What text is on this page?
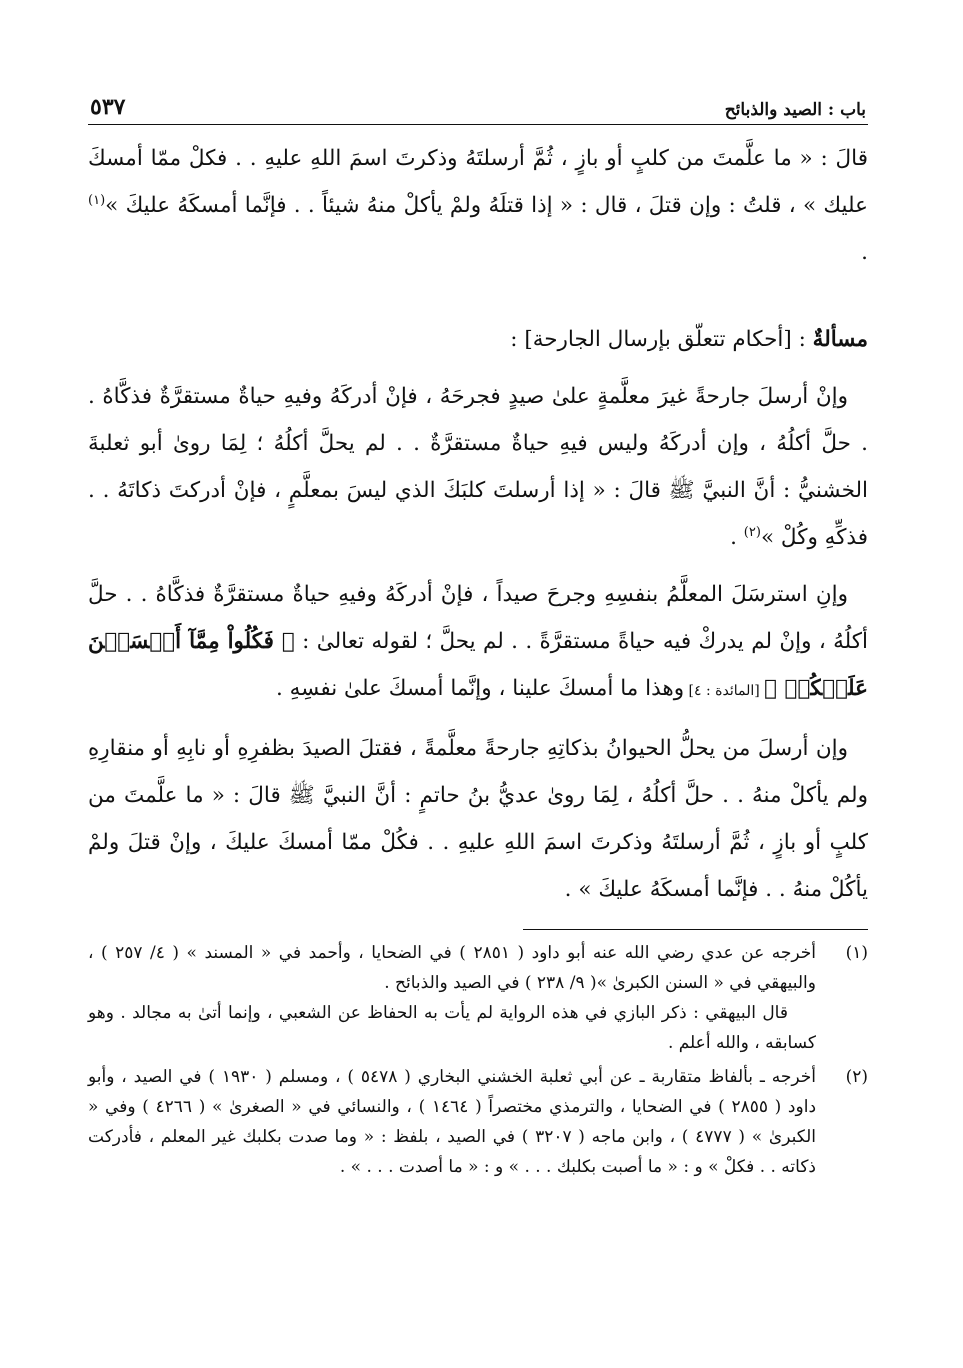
باب : الصيد والذبائح
٥٣٧

قالَ : « ما علَّمتَ من كلبٍ أو بازٍ ، ثُمَّ أرسلتَهُ وذكرتَ اسمَ اللهِ عليهِ . . فكلْ ممّا أمسكَ عليك » ، قلتُ : وإن قتلَ ، قال : « إذا قتلَهُ ولمْ يأكلْ منهُ شيئاً . . فإنَّما أمسكَهُ عليكَ »$^{(١)}$ .

مسألةٌ : [أحكام تتعلّق بإرسال الجارحة] :

وإنْ أرسلَ جارحةً غيرَ معلَّمةٍ علىٰ صيدٍ فجرحَهُ ، فإنْ أدركَهُ وفيهِ حياةٌ مستقرَّةٌ فذكَّاهُ . . حلَّ أكلُهُ ، وإن أدركَهُ وليس فيهِ حياةٌ مستقرَّةٌ . . لم يحلَّ أكلُهُ ؛ لِمَا روىٰ أبو ثعلبةَ الخشنيُّ : أنَّ النبيَّ ﷺ قالَ : « إذا أرسلتَ كلبَكَ الذي ليسَ بمعلَّمٍ ، فإنْ أدركتَ ذكاتَهُ . . فذكِّهِ وكُلْ »$^{(٢)}$ .

وإنِ استرسَلَ المعلَّمُ بنفسِهِ وجرحَ صيداً ، فإنْ أدركَهُ وفيهِ حياةٌ مستقرَّةٌ فذكَّاهُ . . حلَّ أكلُهُ ، وإنْ لم يدركْ فيه حياةً مستقرَّةً . . لم يحلَّ ؛ لقوله تعالىٰ : ﴿ فَكُلُواْ مِمَّآ أَمۡسَكۡنَ عَلَيۡكُمۡ ﴾ [المائدة : ٤] وهذا ما أمسكَ علينا ، وإنَّما أمسكَ علىٰ نفسِهِ .

وإن أرسلَ من يحلُّ الحيوانُ بذكاتِهِ جارحةً معلَّمةً ، فقتلَ الصيدَ بظفرِهِ أو نابِهِ أو منقارِهِ ولم يأكلْ منهُ . . حلَّ أكلُهُ ، لِمَا روىٰ عديُّ بنُ حاتمٍ : أنَّ النبيَّ ﷺ قالَ : « ما علَّمتَ من كلبٍ أو بازٍ ، ثُمَّ أرسلتَهُ وذكرتَ اسمَ اللهِ عليهِ . . فكُلْ ممّا أمسكَ عليكَ ، وإنْ قتلَ ولمْ يأكُلْ منهُ . . فإنَّما أمسكَهُ عليكَ » .

(١)

أخرجه عن عدي رضي الله عنه أبو داود ( ٢٨٥١ ) في الضحايا ، وأحمد في « المسند » ( ٤/ ٢٥٧ ) ، والبيهقي في « السنن الكبرىٰ »( ٩/ ٢٣٨ ) في الصيد والذبائح .

قال البيهقي : ذكر البازي في هذه الرواية لم يأت به الحفاظ عن الشعبي ، وإنما أتىٰ به مجالد . وهو كسابقه ، والله أعلم .

(٢)

أخرجه ـ بألفاظ متقاربة ـ عن أبي ثعلبة الخشني البخاري ( ٥٤٧٨ ) ، ومسلم ( ١٩٣٠ ) في الصيد ، وأبو داود ( ٢٨٥٥ ) في الضحايا ، والترمذي مختصراً ( ١٤٦٤ ) ، والنسائي في « الصغرىٰ » ( ٤٢٦٦ ) وفي « الكبرىٰ » ( ٤٧٧٧ ) ، وابن ماجه ( ٣٢٠٧ ) في الصيد ، بلفظ : « وما صدت بكلبك غير المعلم ، فأدركت ذكاته . . فكلْ » و : « ما أصبت بكلبك . . . » و : « ما أصدت . . . » .
